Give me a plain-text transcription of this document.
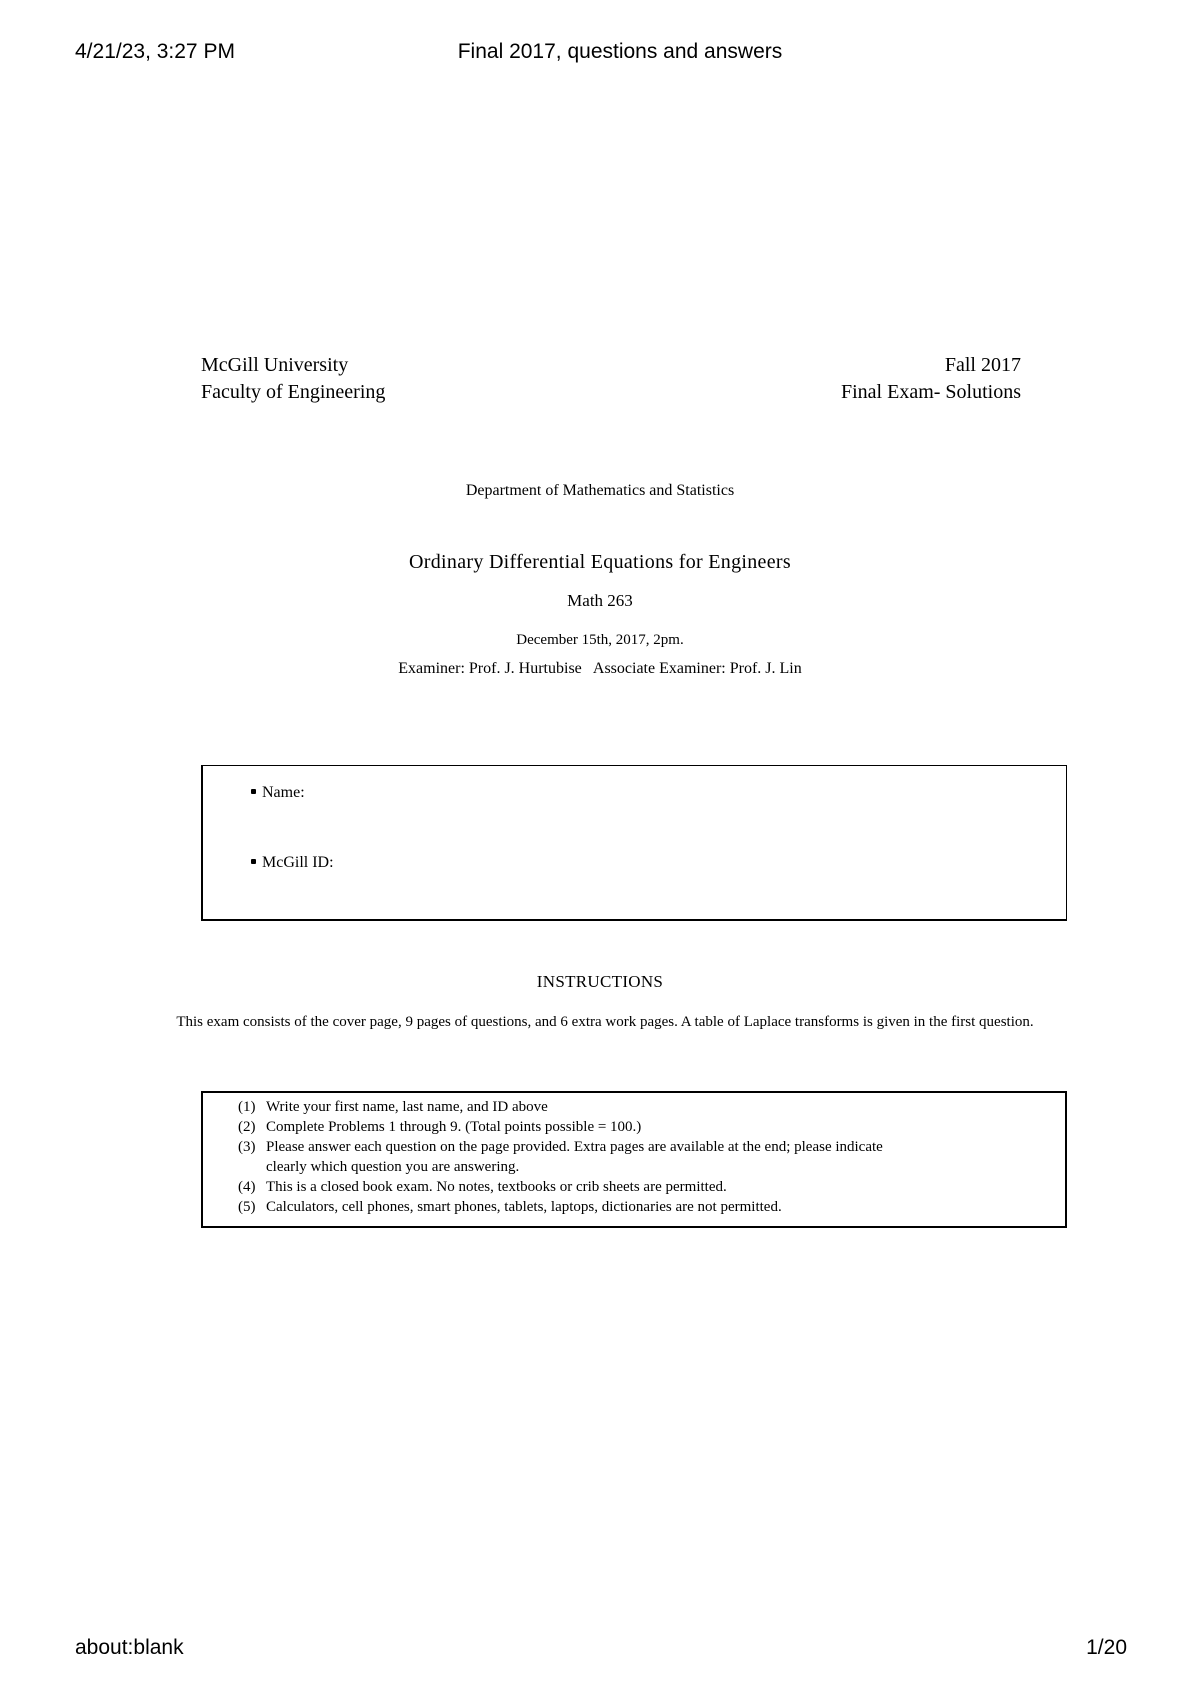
4/21/23, 3:27 PM	Final 2017, questions and answers
McGill University
Faculty of Engineering
Fall 2017
Final Exam- Solutions
Department of Mathematics and Statistics
Ordinary Differential Equations for Engineers
Math 263
December 15th, 2017, 2pm.
Examiner: Prof. J. Hurtubise   Associate Examiner: Prof. J. Lin
Name:
McGill ID:
INSTRUCTIONS
This exam consists of the cover page, 9 pages of questions, and 6 extra work pages. A table of Laplace transforms is given in the first question.
(1) Write your first name, last name, and ID above
(2) Complete Problems 1 through 9. (Total points possible = 100.)
(3) Please answer each question on the page provided. Extra pages are available at the end; please indicate
clearly which question you are answering.
(4) This is a closed book exam. No notes, textbooks or crib sheets are permitted.
(5) Calculators, cell phones, smart phones, tablets, laptops, dictionaries are not permitted.
about:blank	1/20
